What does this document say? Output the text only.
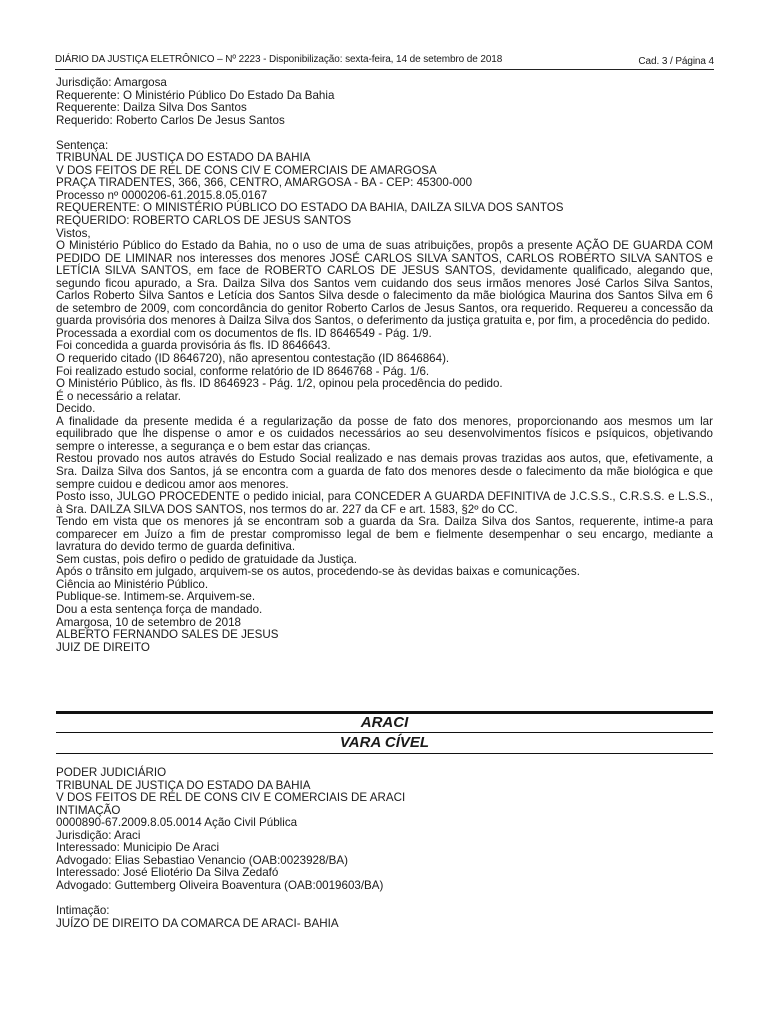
DIÁRIO DA JUSTIÇA ELETRÔNICO – Nº 2223 - Disponibilização: sexta-feira, 14 de setembro de 2018	Cad. 3 / Página 4

Jurisdição: Amargosa

Requerente: O Ministério Público Do Estado Da Bahia

Requerente: Dailza Silva Dos Santos

Requerido: Roberto Carlos De Jesus Santos

Sentença:

TRIBUNAL DE JUSTIÇA DO ESTADO DA BAHIA

V DOS FEITOS DE REL DE CONS CIV E COMERCIAIS DE AMARGOSA

PRAÇA TIRADENTES, 366, 366, CENTRO, AMARGOSA - BA - CEP: 45300-000

Processo nº 0000206-61.2015.8.05.0167

REQUERENTE: O MINISTÉRIO PÚBLICO DO ESTADO DA BAHIA, DAILZA SILVA DOS SANTOS

REQUERIDO: ROBERTO CARLOS DE JESUS SANTOS

Vistos,

O Ministério Público do Estado da Bahia, no o uso de uma de suas atribuições, propôs a presente AÇÃO DE GUARDA COM PEDIDO DE LIMINAR nos interesses dos menores JOSÉ CARLOS SILVA SANTOS, CARLOS ROBERTO SILVA SANTOS e LETÍCIA SILVA SANTOS, em face de ROBERTO CARLOS DE JESUS SANTOS, devidamente qualificado, alegando que, segundo ficou apurado, a Sra. Dailza Silva dos Santos vem cuidando dos seus irmãos menores José Carlos Silva Santos, Carlos Roberto Silva Santos e Letícia dos Santos Silva desde o falecimento da mãe biológica Maurina dos Santos Silva em 6 de setembro de 2009, com concordância do genitor Roberto Carlos de Jesus Santos, ora requerido. Requereu a concessão da guarda provisória dos menores à Dailza Silva dos Santos, o deferimento da justiça gratuita e, por fim, a procedência do pedido.

Processada a exordial com os documentos de fls. ID 8646549 - Pág. 1/9.

Foi concedida a guarda provisória ás fls. ID 8646643.

O requerido citado (ID 8646720), não apresentou contestação (ID 8646864).

Foi realizado estudo social, conforme relatório de ID 8646768 - Pág. 1/6.

O Ministério Público, às fls. ID 8646923 - Pág. 1/2, opinou pela procedência do pedido.

É o necessário a relatar.

Decido.

A finalidade da presente medida é a regularização da posse de fato dos menores, proporcionando aos mesmos um lar equilibrado que lhe dispense o amor e os cuidados necessários ao seu desenvolvimentos físicos e psíquicos, objetivando sempre o interesse, a segurança e o bem estar das crianças.

Restou provado nos autos através do Estudo Social realizado e nas demais provas trazidas aos autos, que, efetivamente, a Sra. Dailza Silva dos Santos, já se encontra com a guarda de fato dos menores desde o falecimento da mãe biológica e que sempre cuidou e dedicou amor aos menores.

Posto isso, JULGO PROCEDENTE o pedido inicial, para CONCEDER A GUARDA DEFINITIVA de J.C.S.S., C.R.S.S. e L.S.S., à Sra. DAILZA SILVA DOS SANTOS, nos termos do ar. 227 da CF e art. 1583, §2º do CC.

Tendo em vista que os menores já se encontram sob a guarda da Sra. Dailza Silva dos Santos, requerente, intime-a para comparecer em Juízo a fim de prestar compromisso legal de bem e fielmente desempenhar o seu encargo, mediante a lavratura do devido termo de guarda definitiva.

Sem custas, pois defiro o pedido de gratuidade da Justiça.

Após o trânsito em julgado, arquivem-se os autos, procedendo-se às devidas baixas e comunicações.

Ciência ao Ministério Público.

Publique-se. Intimem-se. Arquivem-se.

Dou a esta sentença força de mandado.

Amargosa, 10 de setembro de 2018

ALBERTO FERNANDO SALES DE JESUS

JUIZ DE DIREITO

ARACI
VARA CÍVEL

PODER JUDICIÁRIO

TRIBUNAL DE JUSTIÇA DO ESTADO DA BAHIA

V DOS FEITOS DE REL DE CONS CIV E COMERCIAIS DE ARACI

INTIMAÇÃO

0000890-67.2009.8.05.0014 Ação Civil Pública

Jurisdição: Araci

Interessado: Municipio De Araci

Advogado: Elias Sebastiao Venancio (OAB:0023928/BA)

Interessado: José Eliotério Da Silva Zedafó

Advogado: Guttemberg Oliveira Boaventura (OAB:0019603/BA)

Intimação:

JUÍZO DE DIREITO DA COMARCA DE ARACI- BAHIA
